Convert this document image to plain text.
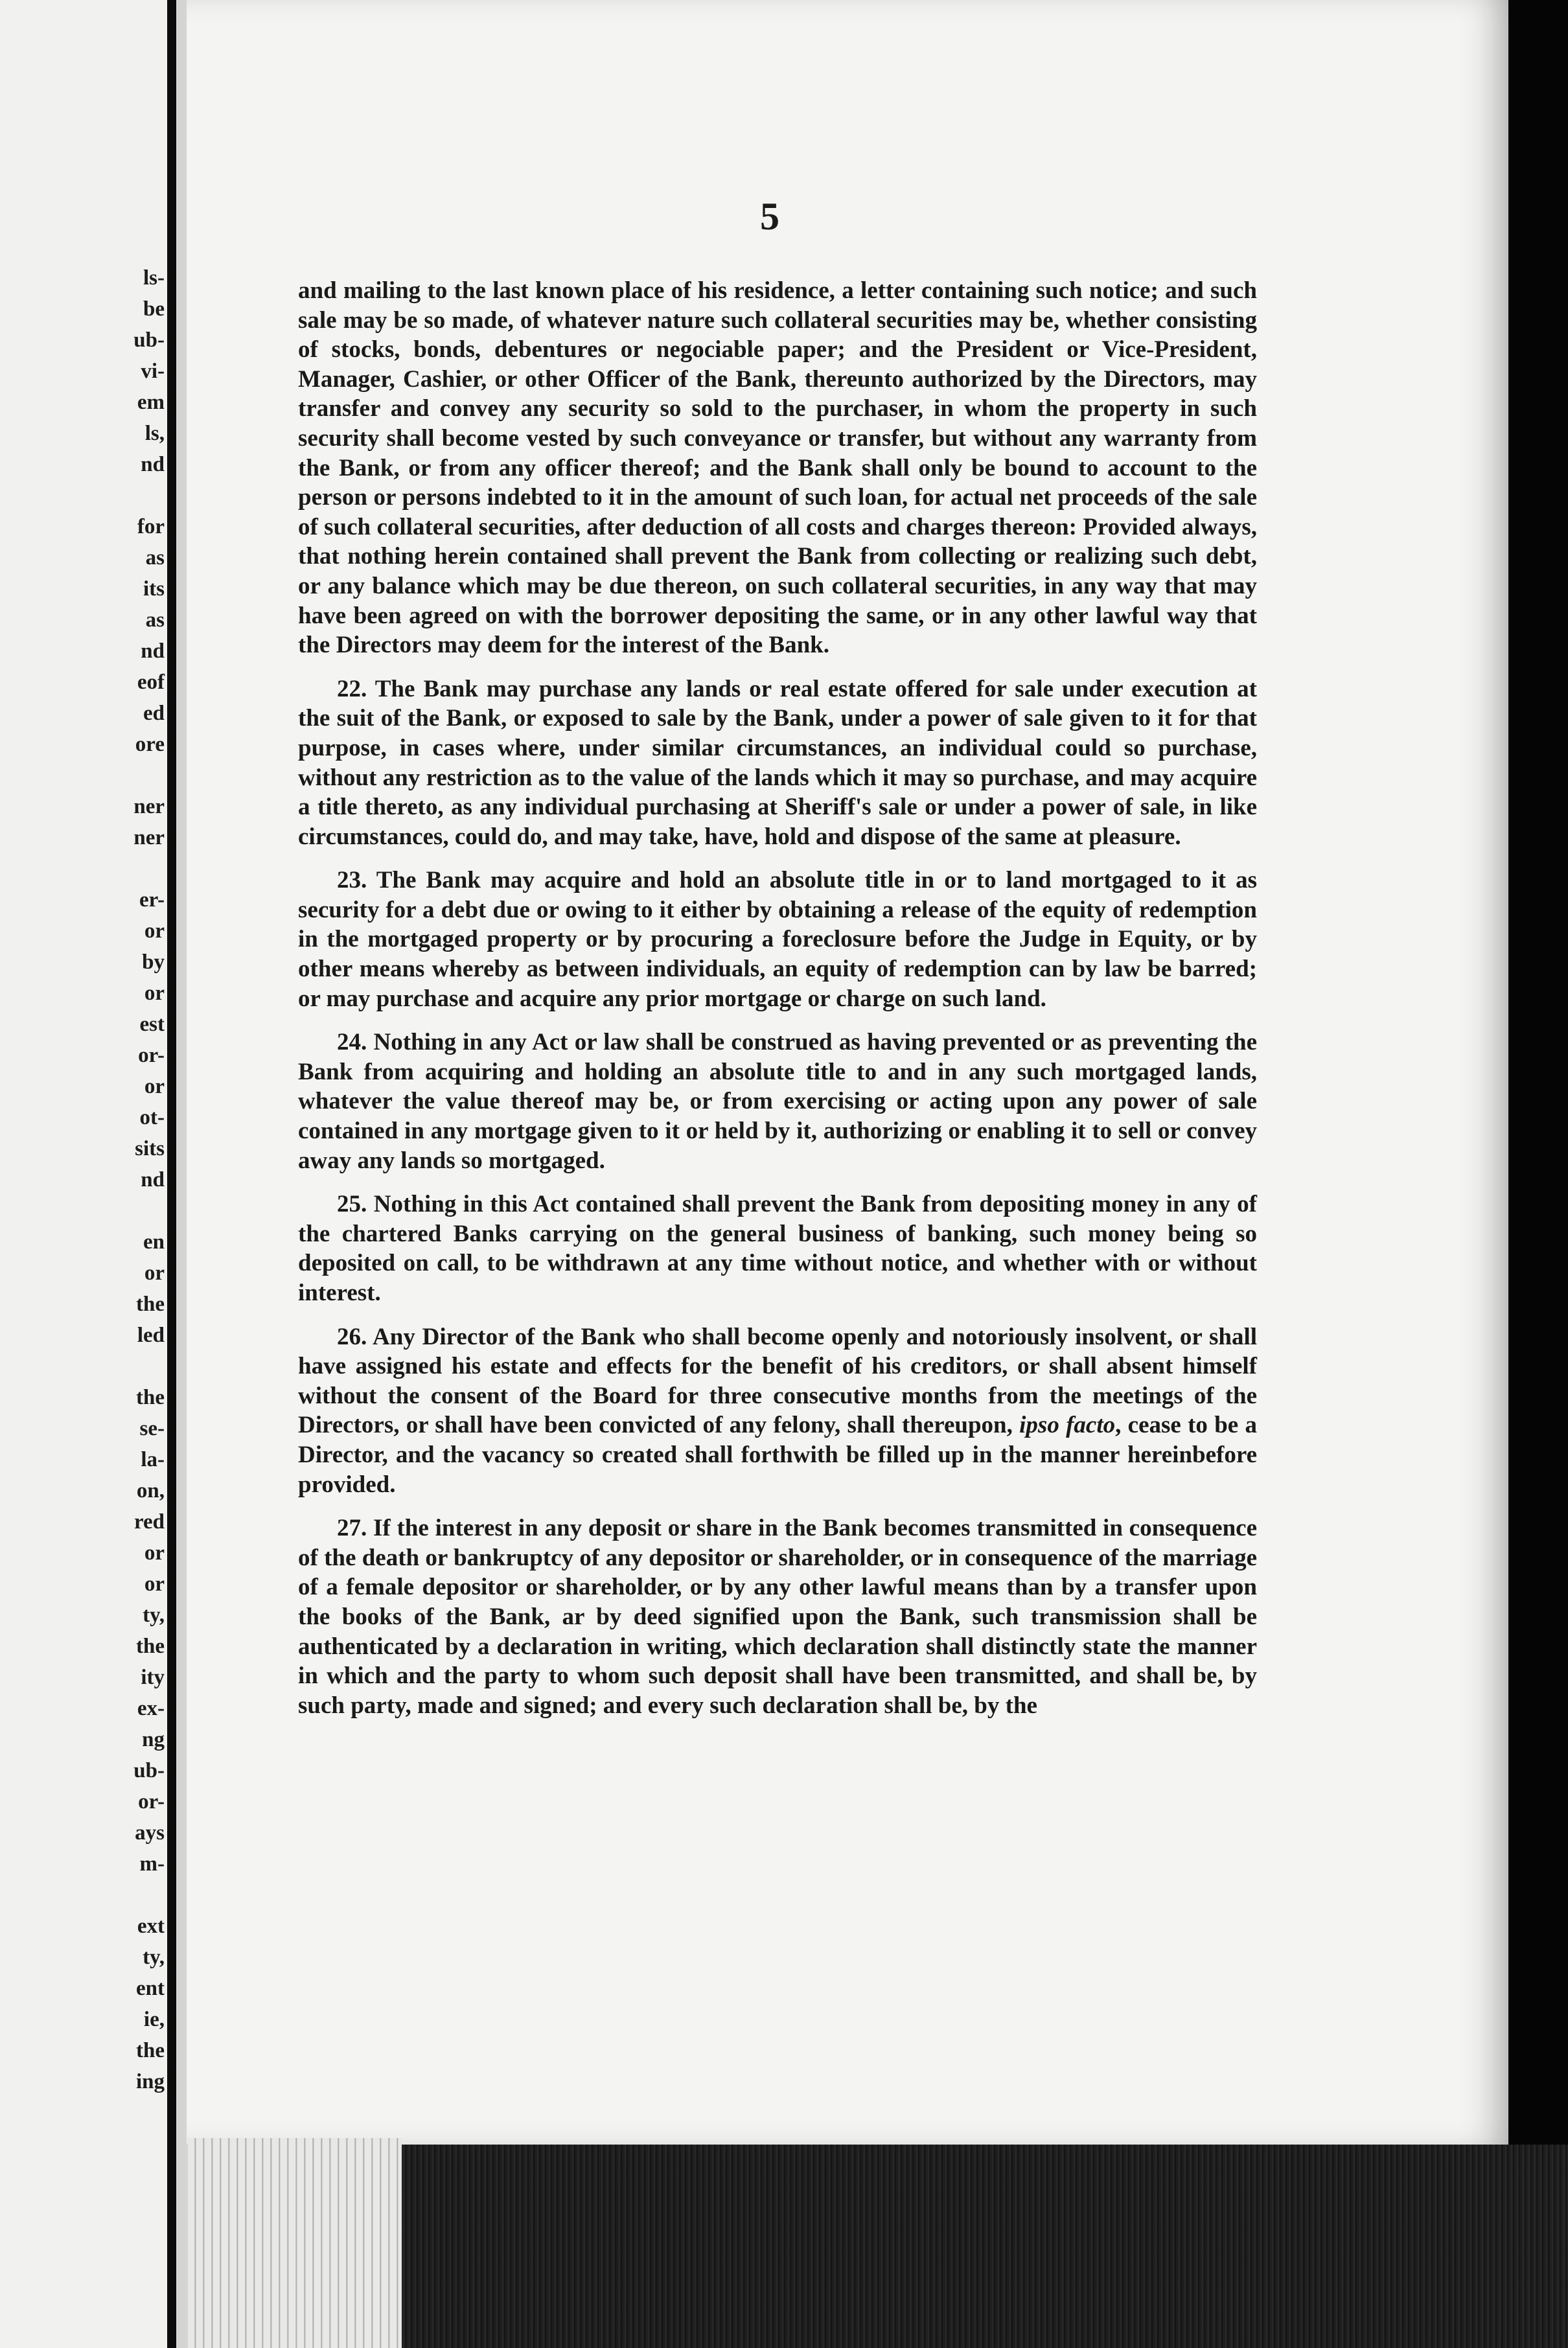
ls-
be
ub-
vi-
em
ls,
nd

for
as
its
as
nd
eof
ed
ore

ner
ner

er-
or
by
or
est
or-
or
ot-
sits
nd

en
or
the
led

the
se-
la-
on,
red
or
or
ty,
the
ity
ex-
ng
ub-
or-
ays
m-

ext
ty,
ent
ie,
the
ing
5

and mailing to the last known place of his residence, a letter containing such notice; and such sale may be so made, of whatever nature such collateral securities may be, whether consisting of stocks, bonds, debentures or negociable paper; and the President or Vice-President, Manager, Cashier, or other Officer of the Bank, thereunto authorized by the Directors, may transfer and convey any security so sold to the purchaser, in whom the property in such security shall become vested by such conveyance or transfer, but without any warranty from the Bank, or from any officer thereof; and the Bank shall only be bound to account to the person or persons indebted to it in the amount of such loan, for actual net proceeds of the sale of such collateral securities, after deduction of all costs and charges thereon: Provided always, that nothing herein contained shall prevent the Bank from collecting or realizing such debt, or any balance which may be due thereon, on such collateral securities, in any way that may have been agreed on with the borrower depositing the same, or in any other lawful way that the Directors may deem for the interest of the Bank.

22. The Bank may purchase any lands or real estate offered for sale under execution at the suit of the Bank, or exposed to sale by the Bank, under a power of sale given to it for that purpose, in cases where, under similar circumstances, an individual could so purchase, without any restriction as to the value of the lands which it may so purchase, and may acquire a title thereto, as any individual purchasing at Sheriff's sale or under a power of sale, in like circumstances, could do, and may take, have, hold and dispose of the same at pleasure.

23. The Bank may acquire and hold an absolute title in or to land mortgaged to it as security for a debt due or owing to it either by obtaining a release of the equity of redemption in the mortgaged property or by procuring a foreclosure before the Judge in Equity, or by other means whereby as between individuals, an equity of redemption can by law be barred; or may purchase and acquire any prior mortgage or charge on such land.

24. Nothing in any Act or law shall be construed as having prevented or as preventing the Bank from acquiring and holding an absolute title to and in any such mortgaged lands, whatever the value thereof may be, or from exercising or acting upon any power of sale contained in any mortgage given to it or held by it, authorizing or enabling it to sell or convey away any lands so mortgaged.

25. Nothing in this Act contained shall prevent the Bank from depositing money in any of the chartered Banks carrying on the general business of banking, such money being so deposited on call, to be withdrawn at any time without notice, and whether with or without interest.

26. Any Director of the Bank who shall become openly and notoriously insolvent, or shall have assigned his estate and effects for the benefit of his creditors, or shall absent himself without the consent of the Board for three consecutive months from the meetings of the Directors, or shall have been convicted of any felony, shall thereupon, ipso facto, cease to be a Director, and the vacancy so created shall forthwith be filled up in the manner hereinbefore provided.

27. If the interest in any deposit or share in the Bank becomes transmitted in consequence of the death or bankruptcy of any depositor or shareholder, or in consequence of the marriage of a female depositor or shareholder, or by any other lawful means than by a transfer upon the books of the Bank, ar by deed signified upon the Bank, such transmission shall be authenticated by a declaration in writing, which declaration shall distinctly state the manner in which and the party to whom such deposit shall have been transmitted, and shall be, by such party, made and signed; and every such declaration shall be, by the
